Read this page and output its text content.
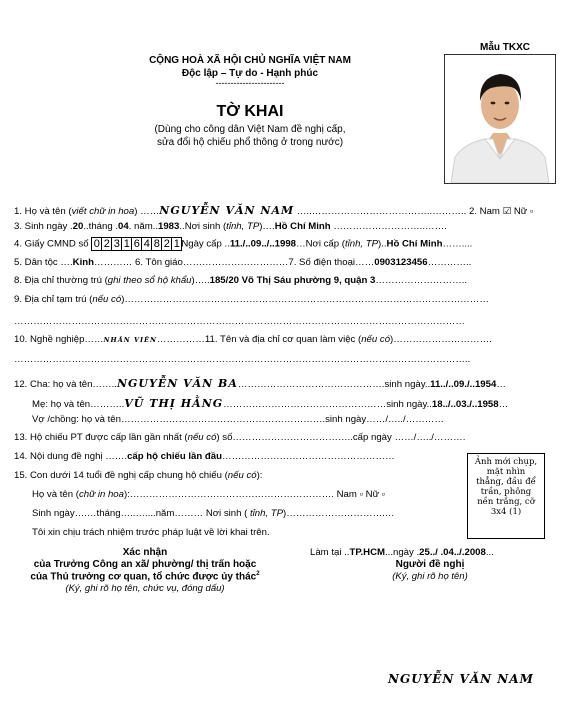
Mẫu TKXC
CỘNG HOÀ XÃ HỘI CHỦ NGHĨA VIỆT NAM
Độc lập – Tự do - Hạnh phúc
-----------------------
TỜ KHAI
(Dùng cho công dân Việt Nam đề nghị cấp,
sửa đổi hộ chiếu phổ thông ở trong nước)
1. Họ và tên (viết chữ in hoa) ……NGUYỄN VĂN NAM …..………………………………..……….. 2. Nam ☑ Nữ ▫
3. Sinh ngày .20..tháng .04. năm..1983..Nơi sinh (tỉnh, TP)….Hồ Chí Minh ………………………..…….
4. Giấy CMND số 0 2 3 1 6 4 8 2 1Ngày cấp ..11./..09../..1998…Nơi cấp (tỉnh, TP)..Hồ Chí Minh……....
5. Dân tộc ….Kinh………… 6. Tôn giáo……………………………7. Số điện thoại……0903123456…………..
8. Địa chỉ thường trú (ghi theo sổ hộ khẩu)…..185/20 Võ Thị Sáu phường 9, quận 3………………………..
9. Địa chỉ tạm trú (nếu có)……………………………………………………………………………………………………
……………………………………………………………………………………………………………………………
10. Nghề nghiệp……NHÂN VIÊN……………11. Tên và địa chỉ cơ quan làm việc (nếu có)………………………….
……………………………………………………………………………………………………………………………..
12. Cha: họ và tên……..NGUYỄN VĂN BA……………………………………….sinh ngày..11../..09./..1954…
Mẹ: họ và tên………..VŨ THỊ HẰNG……………………………………………sinh ngày..18../..03./..1958…
Vợ /chồng: họ và tên……………………………………………………….sinh ngày……/…../…………
13. Hộ chiếu PT được cấp lần gần nhất (nếu có) số………………………………..cấp ngày ……/…../……….
14. Nội dung đề nghị …….cấp hộ chiếu lần đầu………………………………………………	Ảnh mới chụp,
mặt nhìn
thẳng, đầu để
trần, phông
nền trắng, cỡ
3x4 (1)
15. Con dưới 14 tuổi đề nghị cấp chung hộ chiếu (nếu có):
Họ và tên (chữ in hoa):………………………………………………………. Nam ▫ Nữ ▫
Sinh ngày….…tháng…..…....năm……… Nơi sinh ( tỉnh, TP)………………………….…
Tôi xin chịu trách nhiệm trước pháp luật về lời khai trên.
Xác nhận
của Trưởng Công an xã/ phường/ thị trấn hoặc
của Thủ trưởng cơ quan, tổ chức được ủy thác$^2$
(Ký, ghi rõ họ tên, chức vụ, đóng dấu)
Làm tại ..TP.HCM...ngày .25../ .04../.2008...
Người đề nghị
(Ký, ghi rõ họ tên)
NGUYỄN VĂN NAM
